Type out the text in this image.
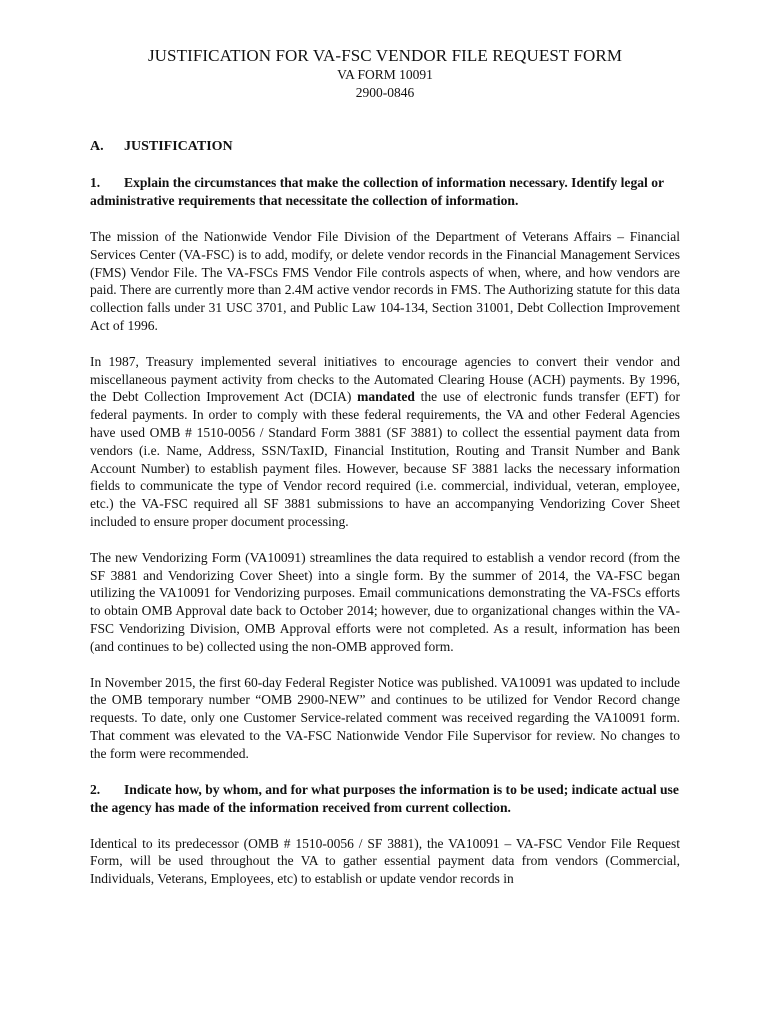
JUSTIFICATION FOR VA-FSC VENDOR FILE REQUEST FORM
VA FORM 10091
2900-0846
A.	JUSTIFICATION
1. Explain the circumstances that make the collection of information necessary. Identify legal or administrative requirements that necessitate the collection of information.

The mission of the Nationwide Vendor File Division of the Department of Veterans Affairs – Financial Services Center (VA-FSC) is to add, modify, or delete vendor records in the Financial Management Services (FMS) Vendor File. The VA-FSCs FMS Vendor File controls aspects of when, where, and how vendors are paid. There are currently more than 2.4M active vendor records in FMS. The Authorizing statute for this data collection falls under 31 USC 3701, and Public Law 104-134, Section 31001, Debt Collection Improvement Act of 1996.

In 1987, Treasury implemented several initiatives to encourage agencies to convert their vendor and miscellaneous payment activity from checks to the Automated Clearing House (ACH) payments. By 1996, the Debt Collection Improvement Act (DCIA) mandated the use of electronic funds transfer (EFT) for federal payments. In order to comply with these federal requirements, the VA and other Federal Agencies have used OMB # 1510-0056 / Standard Form 3881 (SF 3881) to collect the essential payment data from vendors (i.e. Name, Address, SSN/TaxID, Financial Institution, Routing and Transit Number and Bank Account Number) to establish payment files. However, because SF 3881 lacks the necessary information fields to communicate the type of Vendor record required (i.e. commercial, individual, veteran, employee, etc.) the VA-FSC required all SF 3881 submissions to have an accompanying Vendorizing Cover Sheet included to ensure proper document processing.

The new Vendorizing Form (VA10091) streamlines the data required to establish a vendor record (from the SF 3881 and Vendorizing Cover Sheet) into a single form. By the summer of 2014, the VA-FSC began utilizing the VA10091 for Vendorizing purposes. Email communications demonstrating the VA-FSCs efforts to obtain OMB Approval date back to October 2014; however, due to organizational changes within the VA-FSC Vendorizing Division, OMB Approval efforts were not completed. As a result, information has been (and continues to be) collected using the non-OMB approved form.

In November 2015, the first 60-day Federal Register Notice was published. VA10091 was updated to include the OMB temporary number “OMB 2900-NEW” and continues to be utilized for Vendor Record change requests. To date, only one Customer Service-related comment was received regarding the VA10091 form. That comment was elevated to the VA-FSC Nationwide Vendor File Supervisor for review. No changes to the form were recommended.

2. Indicate how, by whom, and for what purposes the information is to be used; indicate actual use the agency has made of the information received from current collection.

Identical to its predecessor (OMB # 1510-0056 / SF 3881), the VA10091 – VA-FSC Vendor File Request Form, will be used throughout the VA to gather essential payment data from vendors (Commercial, Individuals, Veterans, Employees, etc) to establish or update vendor records in
